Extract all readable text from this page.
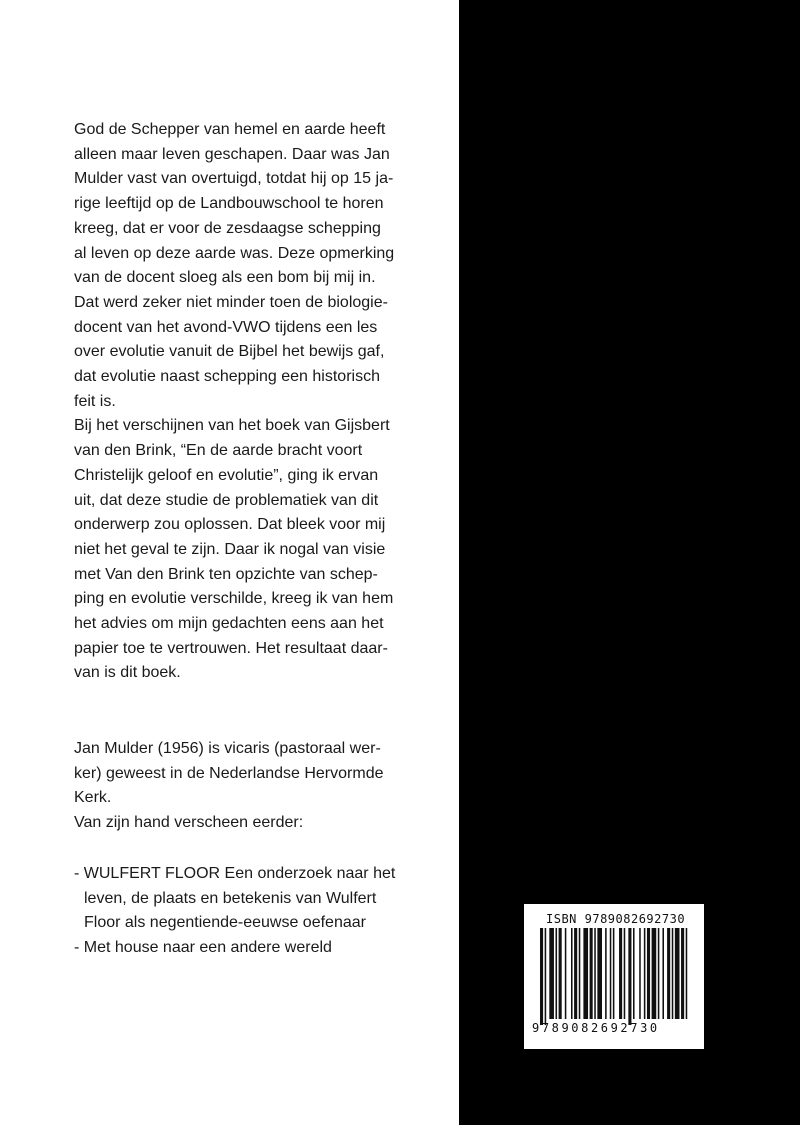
God de Schepper van hemel en aarde heeft
alleen maar leven geschapen. Daar was Jan
Mulder vast van overtuigd, totdat hij op 15 ja-
rige leeftijd op de Landbouwschool te horen
kreeg, dat er voor de zesdaagse schepping
al leven op deze aarde was. Deze opmerking
van de docent sloeg als een bom bij mij in.
Dat werd zeker niet minder toen de biologie-
docent van het avond-VWO tijdens een les
over evolutie vanuit de Bijbel het bewijs gaf,
dat evolutie naast schepping een historisch
feit is.
Bij het verschijnen van het boek van Gijsbert
van den Brink, “En de aarde bracht voort
Christelijk geloof en evolutie”, ging ik ervan
uit, dat deze studie de problematiek van dit
onderwerp zou oplossen. Dat bleek voor mij
niet het geval te zijn. Daar ik nogal van visie
met Van den Brink ten opzichte van schep-
ping en evolutie verschilde, kreeg ik van hem
het advies om mijn gedachten eens aan het
papier toe te vertrouwen. Het resultaat daar-
van is dit boek.
Jan Mulder (1956) is vicaris (pastoraal wer-
ker) geweest in de Nederlandse Hervormde
Kerk.
Van zijn hand verscheen eerder:
- WULFERT FLOOR Een onderzoek naar het
leven, de plaats en betekenis van Wulfert
Floor als negentiende-eeuwse oefenaar
- Met house naar een andere wereld
ISBN 9789082692730
9789082692730
